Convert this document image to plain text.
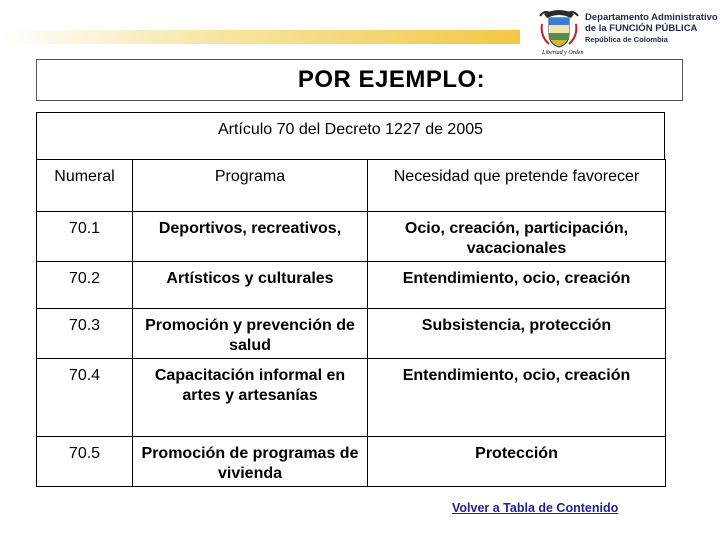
Libertad y Orden
Departamento Administrativo
de la FUNCIÓN PÚBLICA
República de Colombia
POR EJEMPLO:
Artículo 70 del Decreto 1227 de 2005
Numeral	Programa	Necesidad que pretende favorecer
70.1	Deportivos, recreativos,	Ocio, creación, participación, vacacionales
70.2	Artísticos y culturales	Entendimiento, ocio, creación
70.3	Promoción y prevención de salud	Subsistencia, protección
70.4	Capacitación informal en artes y artesanías	Entendimiento, ocio, creación
70.5	Promoción de programas de vivienda	Protección
Volver a Tabla de Contenido
